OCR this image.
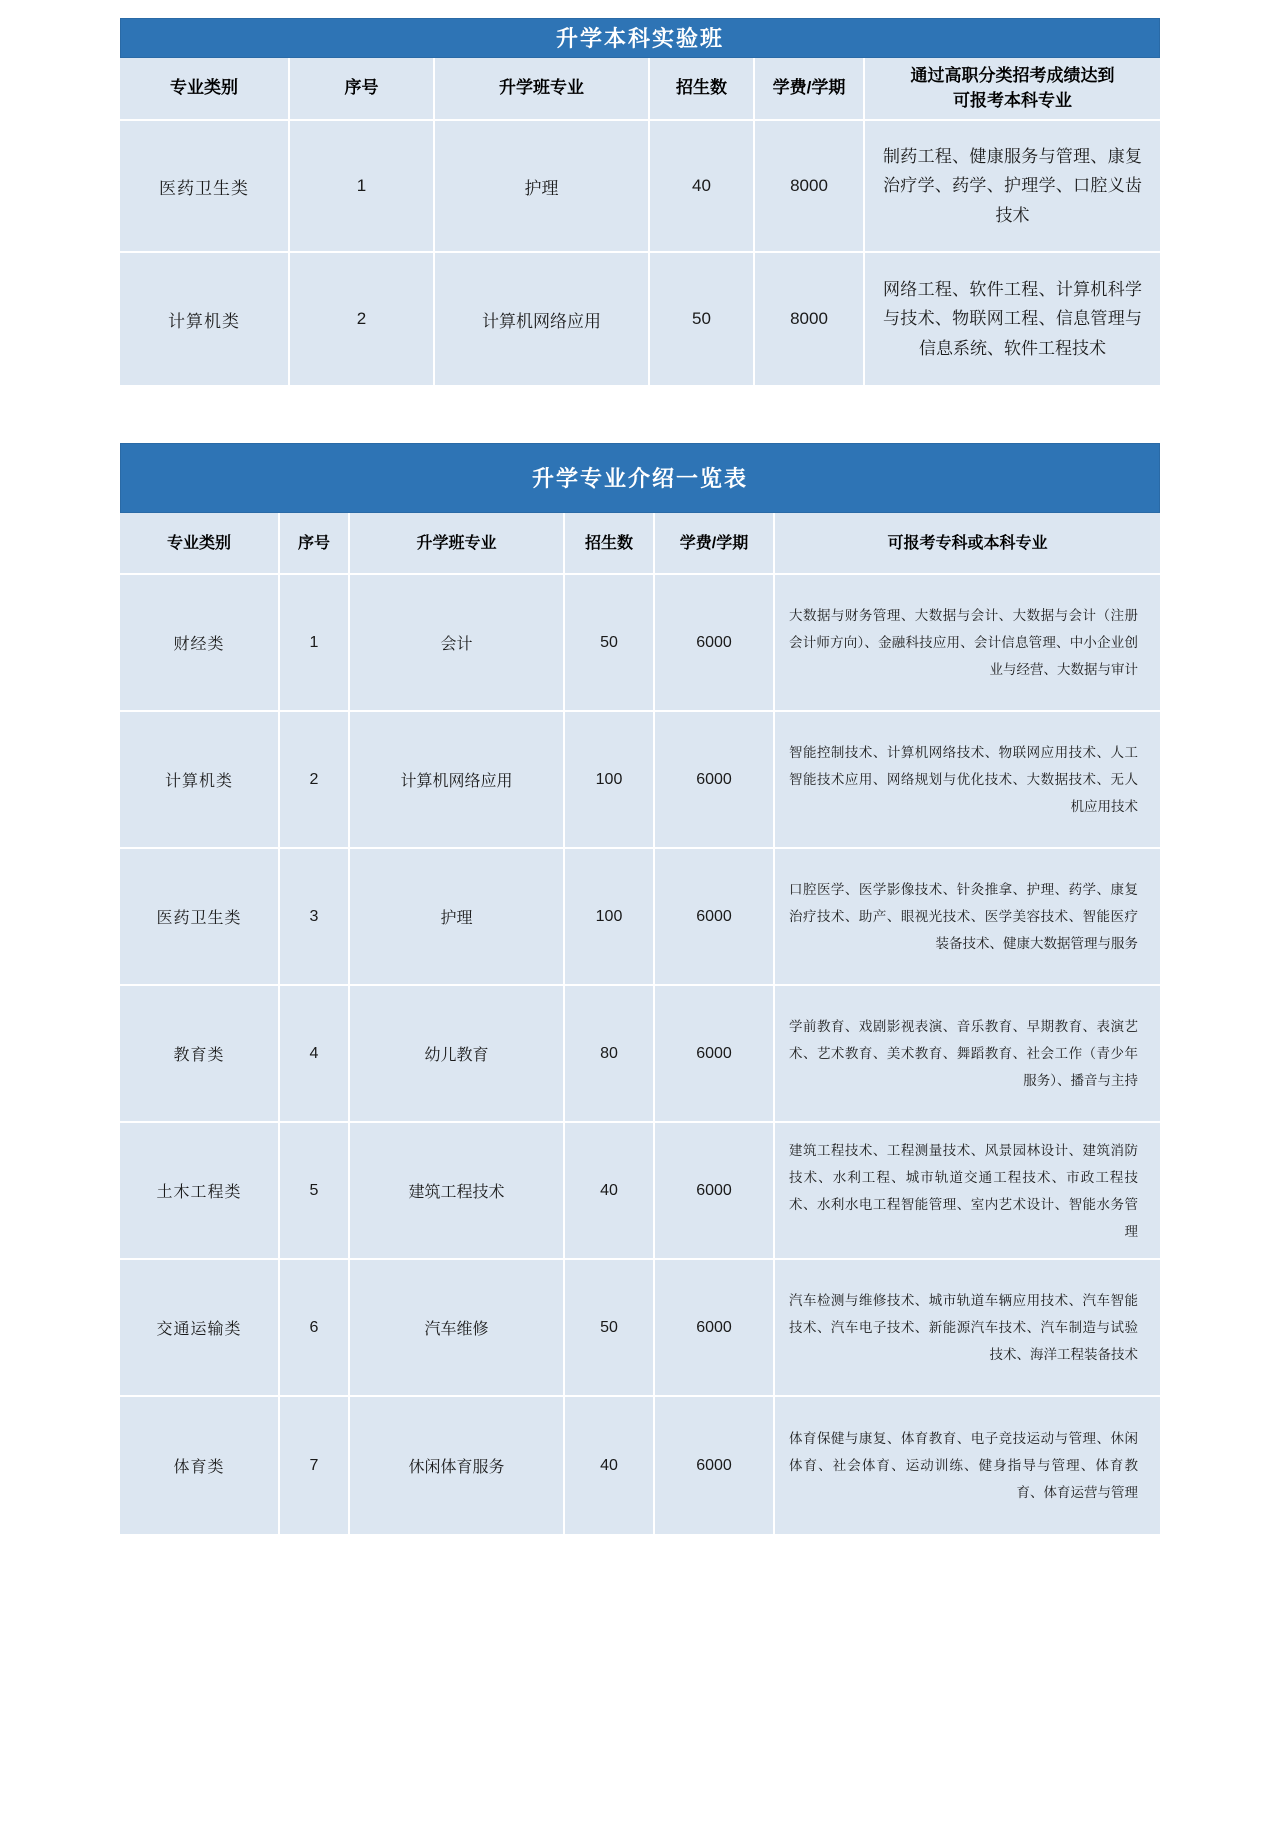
升学本科实验班
专业类别	序号	升学班专业	招生数	学费/学期	通过高职分类招考成绩达到
可报考本科专业
医药卫生类	1	护理	40	8000	制药工程、健康服务与管理、康复治疗学、药学、护理学、口腔义齿技术
计算机类	2	计算机网络应用	50	8000	网络工程、软件工程、计算机科学与技术、物联网工程、信息管理与信息系统、软件工程技术
升学专业介绍一览表
专业类别	序号	升学班专业	招生数	学费/学期	可报考专科或本科专业
财经类	1	会计	50	6000	大数据与财务管理、大数据与会计、大数据与会计（注册会计师方向）、金融科技应用、会计信息管理、中小企业创业与经营、大数据与审计
计算机类	2	计算机网络应用	100	6000	智能控制技术、计算机网络技术、物联网应用技术、人工智能技术应用、网络规划与优化技术、大数据技术、无人机应用技术
医药卫生类	3	护理	100	6000	口腔医学、医学影像技术、针灸推拿、护理、药学、康复治疗技术、助产、眼视光技术、医学美容技术、智能医疗装备技术、健康大数据管理与服务
教育类	4	幼儿教育	80	6000	学前教育、戏剧影视表演、音乐教育、早期教育、表演艺术、艺术教育、美术教育、舞蹈教育、社会工作（青少年服务）、播音与主持
土木工程类	5	建筑工程技术	40	6000	建筑工程技术、工程测量技术、风景园林设计、建筑消防技术、水利工程、城市轨道交通工程技术、市政工程技术、水利水电工程智能管理、室内艺术设计、智能水务管理
交通运输类	6	汽车维修	50	6000	汽车检测与维修技术、城市轨道车辆应用技术、汽车智能技术、汽车电子技术、新能源汽车技术、汽车制造与试验技术、海洋工程装备技术
体育类	7	休闲体育服务	40	6000	体育保健与康复、体育教育、电子竞技运动与管理、休闲体育、社会体育、运动训练、健身指导与管理、体育教育、体育运营与管理
